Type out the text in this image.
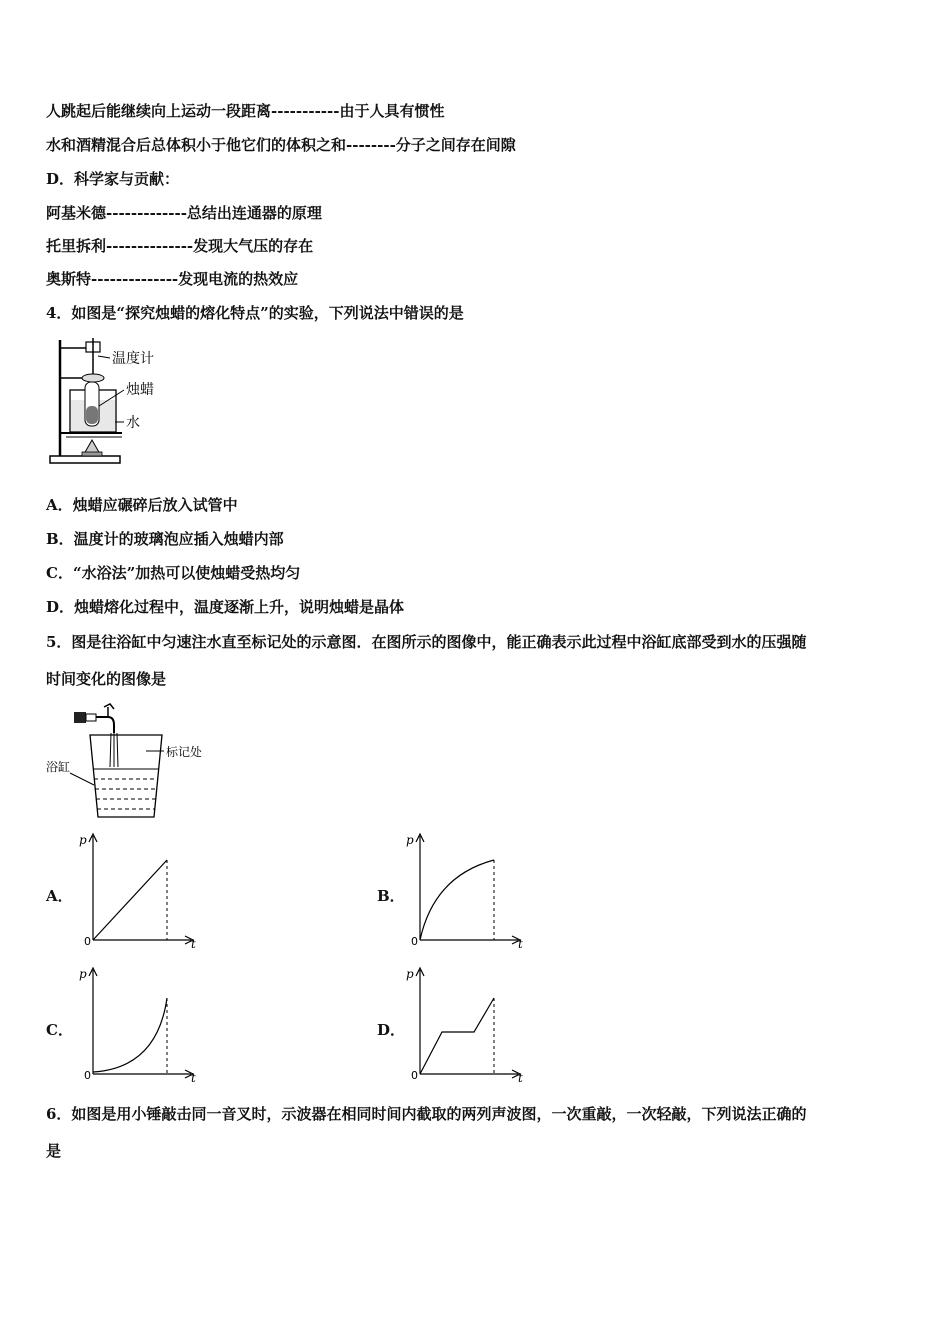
人跳起后能继续向上运动一段距离-----------由于人具有惯性
水和酒精混合后总体积小于他它们的体积之和--------分子之间存在间隙
D．科学家与贡献：
阿基米德-------------总结出连通器的原理
托里拆利--------------发现大气压的存在
奥斯特--------------发现电流的热效应
4．如图是“探究烛蜡的熔化特点”的实验，下列说法中错误的是
温度计
烛蜡
水
A．烛蜡应碾碎后放入试管中
B．温度计的玻璃泡应插入烛蜡内部
C．“水浴法”加热可以使烛蜡受热均匀
D．烛蜡熔化过程中，温度逐渐上升，说明烛蜡是晶体
5．图是往浴缸中匀速注水直至标记处的示意图．在图所示的图像中，能正确表示此过程中浴缸底部受到水的压强随
时间变化的图像是
标记处
浴缸
A．
p
t
0
B．
p
t
0
C．
p
t
0
D．
p
t
0
6．如图是用小锤敲击同一音叉时，示波器在相同时间内截取的两列声波图，一次重敲，一次轻敲，下列说法正确的
是
